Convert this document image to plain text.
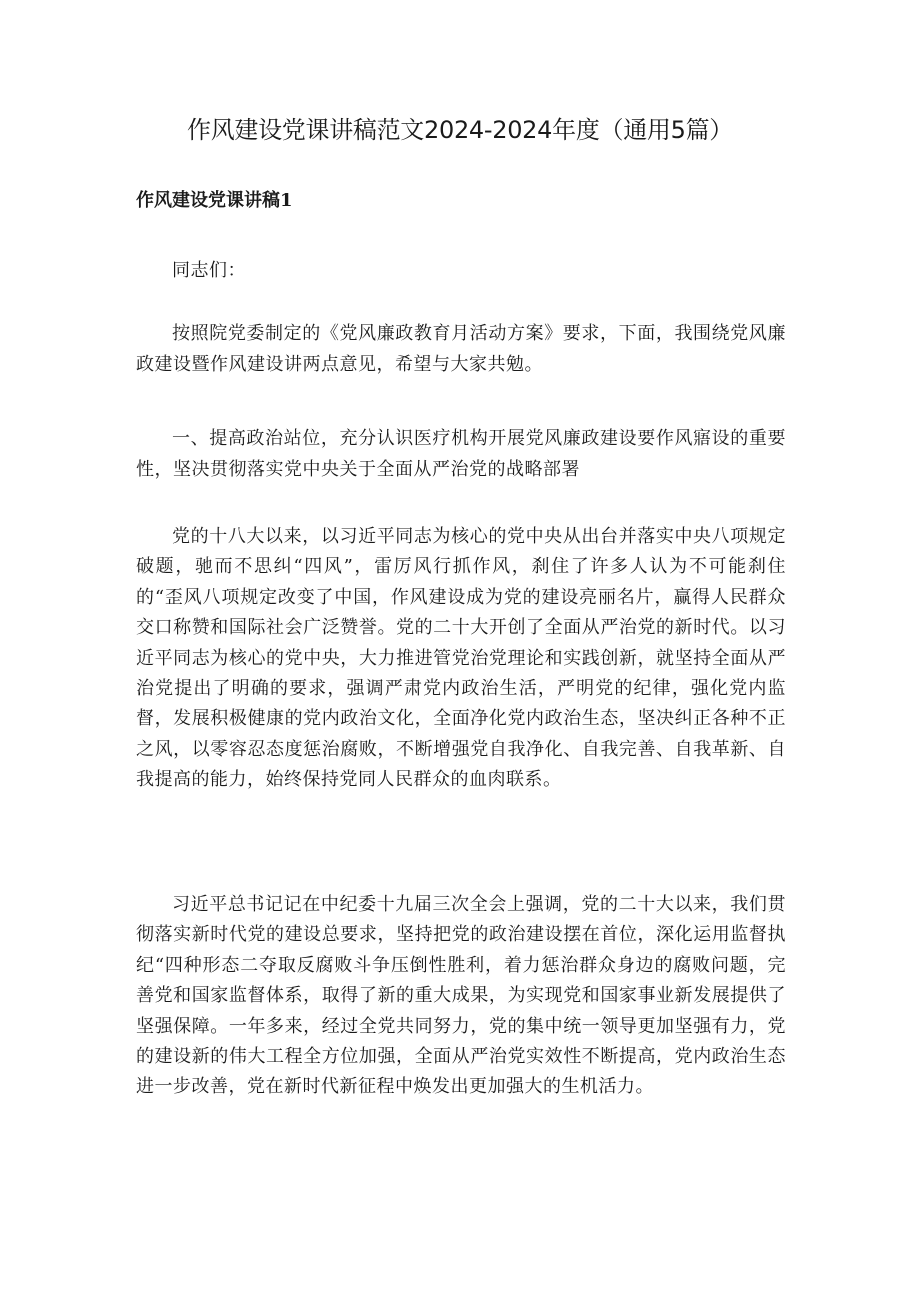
作风建设党课讲稿范文2024-2024年度（通用5篇）
作风建设党课讲稿1

同志们：

按照院党委制定的《党风廉政教育月活动方案》要求，下面，我围绕党风廉政建设暨作风建设讲两点意见，希望与大家共勉。

一、提高政治站位，充分认识医疗机构开展党风廉政建设要作风寤设的重要性，坚决贯彻落实党中央关于全面从严治党的战略部署

党的十八大以来，以习近平同志为核心的党中央从出台并落实中央八项规定破题，驰而不思纠“四风”，雷厉风行抓作风，刹住了许多人认为不可能刹住的“歪风八项规定改变了中国，作风建设成为党的建设亮丽名片，赢得人民群众交口称赞和国际社会广泛赞誉。党的二十大开创了全面从严治党的新时代。以习近平同志为核心的党中央，大力推进管党治党理论和实践创新，就坚持全面从严治党提出了明确的要求，强调严肃党内政治生活，严明党的纪律，强化党内监督，发展积极健康的党内政治文化，全面净化党内政治生态，坚决纠正各种不正之风，以零容忍态度惩治腐败，不断增强党自我净化、自我完善、自我革新、自我提高的能力，始终保持党同人民群众的血肉联系。

习近平总书记记在中纪委十九届三次全会上强调，党的二十大以来，我们贯彻落实新时代党的建设总要求，坚持把党的政治建设摆在首位，深化运用监督执纪“四种形态二夺取反腐败斗争压倒性胜利，着力惩治群众身边的腐败问题，完善党和国家监督体系，取得了新的重大成果，为实现党和国家事业新发展提供了坚强保障。一年多来，经过全党共同努力，党的集中统一领导更加坚强有力，党的建设新的伟大工程全方位加强，全面从严治党实效性不断提高，党内政治生态进一步改善，党在新时代新征程中焕发出更加强大的生机活力。
